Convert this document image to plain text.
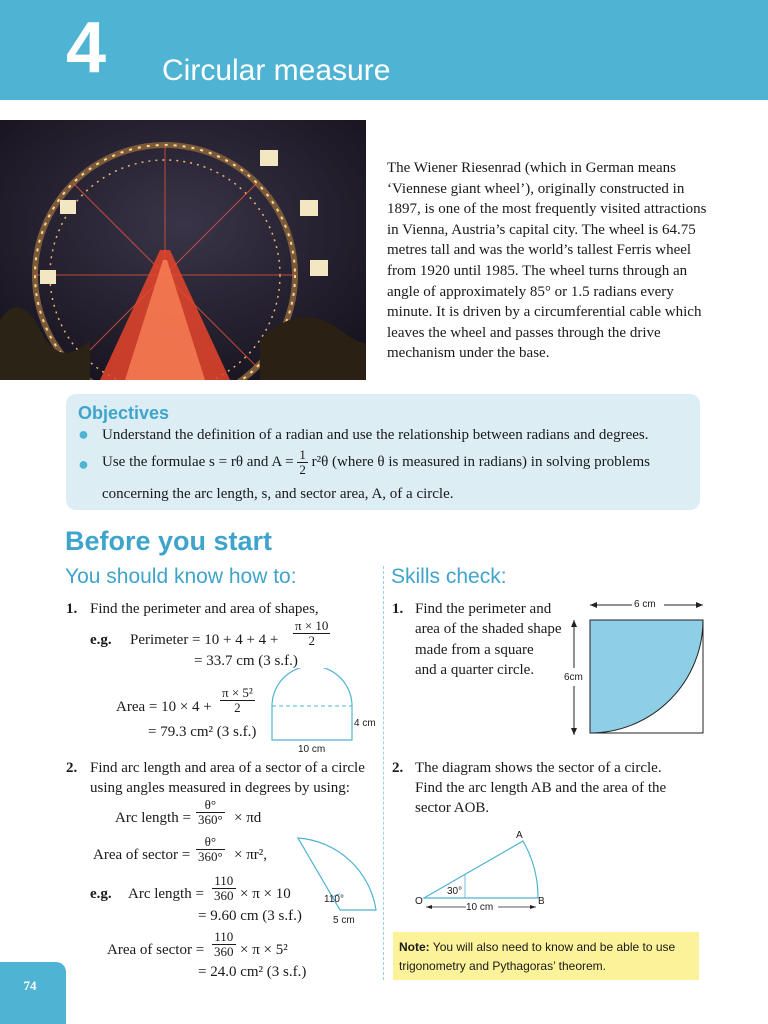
4 Circular measure
The Wiener Riesenrad (which in German means ‘Viennese giant wheel’), originally constructed in 1897, is one of the most frequently visited attractions in Vienna, Austria’s capital city. The wheel is 64.75 metres tall and was the world’s tallest Ferris wheel from 1920 until 1985. The wheel turns through an angle of approximately 85° or 1.5 radians every minute. It is driven by a circumferential cable which leaves the wheel and passes through the drive mechanism under the base.
Objectives
● Understand the definition of a radian and use the relationship between radians and degrees.
● Use the formulae s = rθ and $A = \frac{1}{2} r^2\theta$ (where θ is measured in radians) in solving problems
concerning the arc length, s, and sector area, A, of a circle.
Before you start
You should know how to:	Skills check:
1. Find the perimeter and area of shapes,
e.g. Perimeter = $10 + 4 + 4 + \frac{\pi \times 10}{2}$
= 33.7 cm (3 s.f.)
Area = $10 \times 4 + \frac{\text{π × 5²}}{2}$
= 79.3 cm² (3 s.f.)
4 cm
10 cm
2. Find arc length and area of a sector of a circle
using angles measured in degrees by using:
Arc length = $\frac{\theta^\circ}{360^\circ} \times \pi d$
Area of sector = $\frac{\theta^\circ}{360^\circ} \times \pi r^2$,
e.g. Arc length = $\frac{110}{360} \times \pi \times 10$
= 9.60 cm (3 s.f.)
Area of sector = $\frac{110}{360} \times \pi \times 5^2$
= 24.0 cm² (3 s.f.)
110°
5 cm
1. Find the perimeter and
area of the shaded shape
made from a square
and a quarter circle.
6 cm
6cm
2. The diagram shows the sector of a circle.
Find the arc length AB and the area of the
sector AOB.
A
O	B
30°
10 cm
Note: You will also need to know and be able to use
trigonometry and Pythagoras’ theorem.
74
